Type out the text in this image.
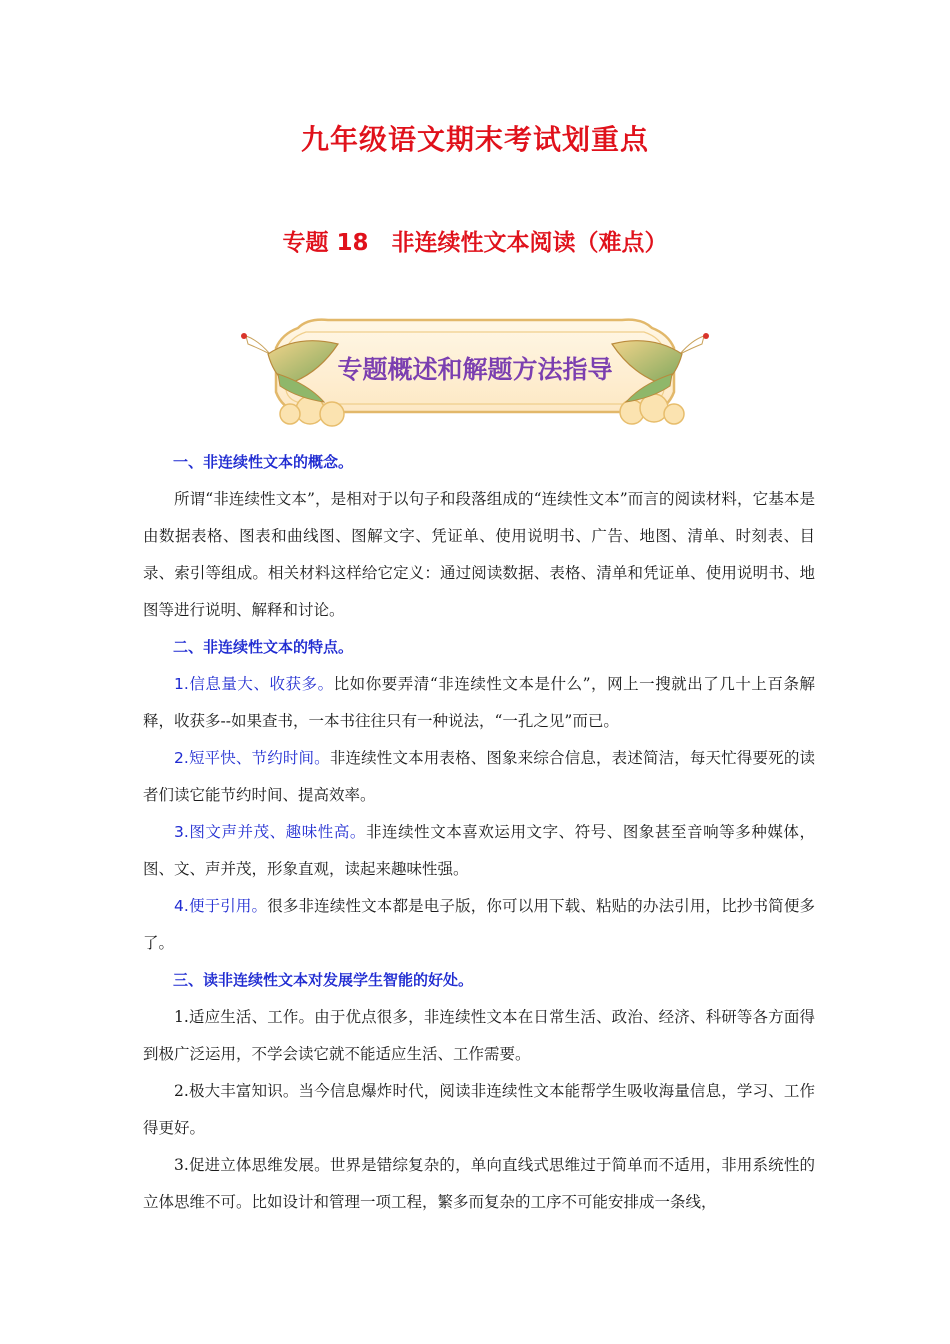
九年级语文期末考试划重点
专题 18　非连续性文本阅读（难点）
专题概述和解题方法指导

一、非连续性文本的概念。

所谓“非连续性文本”，是相对于以句子和段落组成的“连续性文本”而言的阅读材料，它基本是由数据表格、图表和曲线图、图解文字、凭证单、使用说明书、广告、地图、清单、时刻表、目录、索引等组成。相关材料这样给它定义：通过阅读数据、表格、清单和凭证单、使用说明书、地图等进行说明、解释和讨论。

二、非连续性文本的特点。

1.信息量大、收获多。比如你要弄清“非连续性文本是什么”，网上一搜就出了几十上百条解释，收获多--如果查书，一本书往往只有一种说法，“一孔之见”而已。

2.短平快、节约时间。非连续性文本用表格、图象来综合信息，表述简洁，每天忙得要死的读者们读它能节约时间、提高效率。

3.图文声并茂、趣味性高。非连续性文本喜欢运用文字、符号、图象甚至音响等多种媒体，图、文、声并茂，形象直观，读起来趣味性强。

4.便于引用。很多非连续性文本都是电子版，你可以用下载、粘贴的办法引用，比抄书简便多了。

三、读非连续性文本对发展学生智能的好处。

1.适应生活、工作。由于优点很多，非连续性文本在日常生活、政治、经济、科研等各方面得到极广泛运用，不学会读它就不能适应生活、工作需要。

2.极大丰富知识。当今信息爆炸时代，阅读非连续性文本能帮学生吸收海量信息，学习、工作得更好。

3.促进立体思维发展。世界是错综复杂的，单向直线式思维过于简单而不适用，非用系统性的立体思维不可。比如设计和管理一项工程，繁多而复杂的工序不可能安排成一条线，
